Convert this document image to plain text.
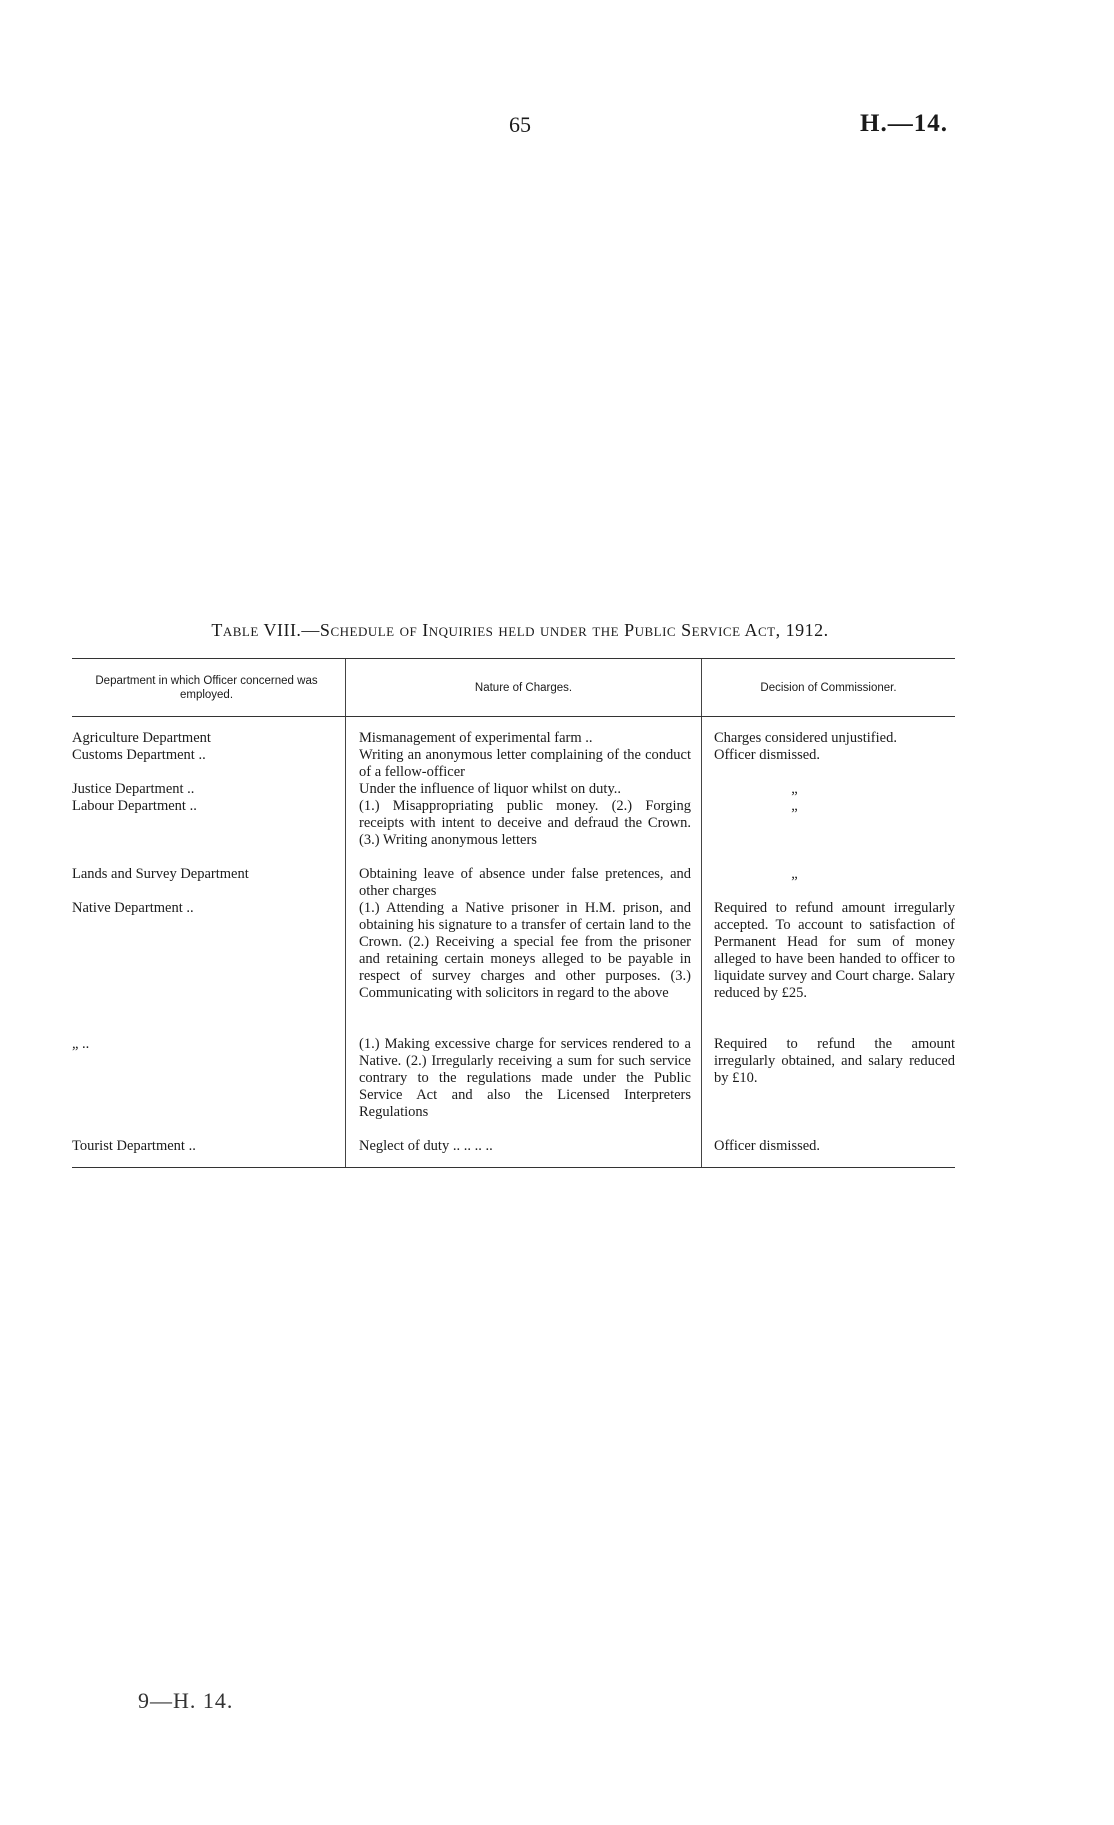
65	H.—14.
Table VIII.—Schedule of Inquiries held under the Public Service Act, 1912.
Department in which Officer concerned was employed.
Nature of Charges.	Decision of Commissioner.
Agriculture Department
Customs Department ..
Justice Department ..
Labour Department ..
Lands and Survey Department
Native Department ..
„ ..
Tourist Department ..
Mismanagement of experimental farm ..
Writing an anonymous letter complaining of the conduct of a fellow-officer
Under the influence of liquor whilst on duty..
(1.) Misappropriating public money. (2.) Forging receipts with intent to deceive and defraud the Crown. (3.) Writing anonymous letters
Obtaining leave of absence under false pretences, and other charges
(1.) Attending a Native prisoner in H.M. prison, and obtaining his signature to a transfer of certain land to the Crown. (2.) Receiving a special fee from the prisoner and retaining certain moneys alleged to be payable in respect of survey charges and other purposes. (3.) Communicating with solicitors in regard to the above
(1.) Making excessive charge for services rendered to a Native. (2.) Irregularly receiving a sum for such service contrary to the regulations made under the Public Service Act and also the Licensed Interpreters Regulations
Neglect of duty .. .. .. ..
Charges considered unjustified.
Officer dismissed.
„
„
„
Required to refund amount irregularly accepted. To account to satisfaction of Permanent Head for sum of money alleged to have been handed to officer to liquidate survey and Court charge. Salary reduced by £25.
Required to refund the amount irregularly obtained, and salary reduced by £10.
Officer dismissed.
9—H. 14.
